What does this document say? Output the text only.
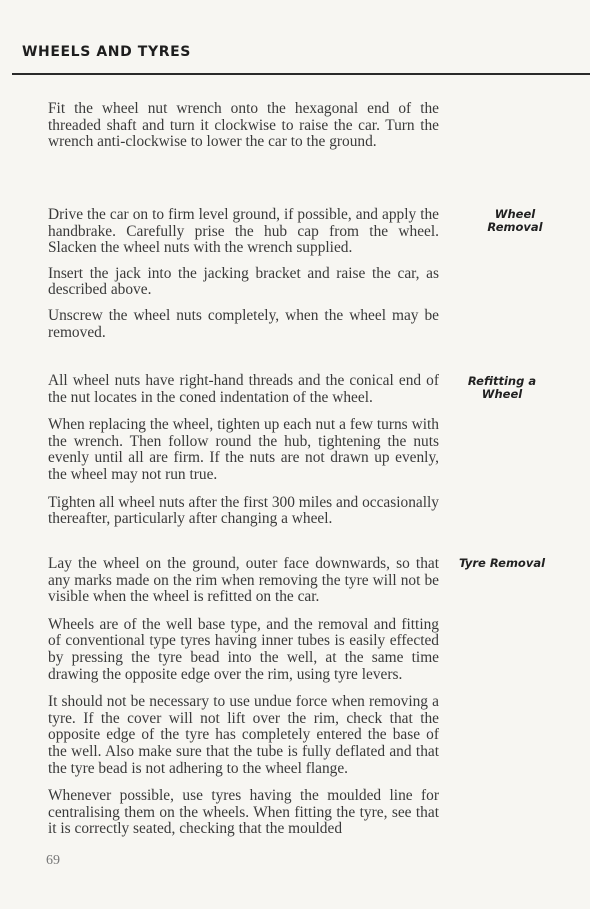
WHEELS AND TYRES

Fit the wheel nut wrench onto the hexagonal end of the threaded shaft and turn it clockwise to raise the car. Turn the wrench anti-clockwise to lower the car to the ground.

Wheel Removal

Drive the car on to firm level ground, if possible, and apply the handbrake. Carefully prise the hub cap from the wheel. Slacken the wheel nuts with the wrench supplied.

Insert the jack into the jacking bracket and raise the car, as described above.

Unscrew the wheel nuts completely, when the wheel may be removed.

Refitting a Wheel

All wheel nuts have right-hand threads and the conical end of the nut locates in the coned indentation of the wheel.

When replacing the wheel, tighten up each nut a few turns with the wrench. Then follow round the hub, tightening the nuts evenly until all are firm. If the nuts are not drawn up evenly, the wheel may not run true.

Tighten all wheel nuts after the first 300 miles and occasionally thereafter, particularly after changing a wheel.

Tyre Removal

Lay the wheel on the ground, outer face downwards, so that any marks made on the rim when removing the tyre will not be visible when the wheel is refitted on the car.

Wheels are of the well base type, and the removal and fitting of conventional type tyres having inner tubes is easily effected by pressing the tyre bead into the well, at the same time drawing the opposite edge over the rim, using tyre levers.

It should not be necessary to use undue force when removing a tyre. If the cover will not lift over the rim, check that the opposite edge of the tyre has completely entered the base of the well. Also make sure that the tube is fully deflated and that the tyre bead is not adhering to the wheel flange.

Whenever possible, use tyres having the moulded line for centralising them on the wheels. When fitting the tyre, see that it is correctly seated, checking that the moulded

69
